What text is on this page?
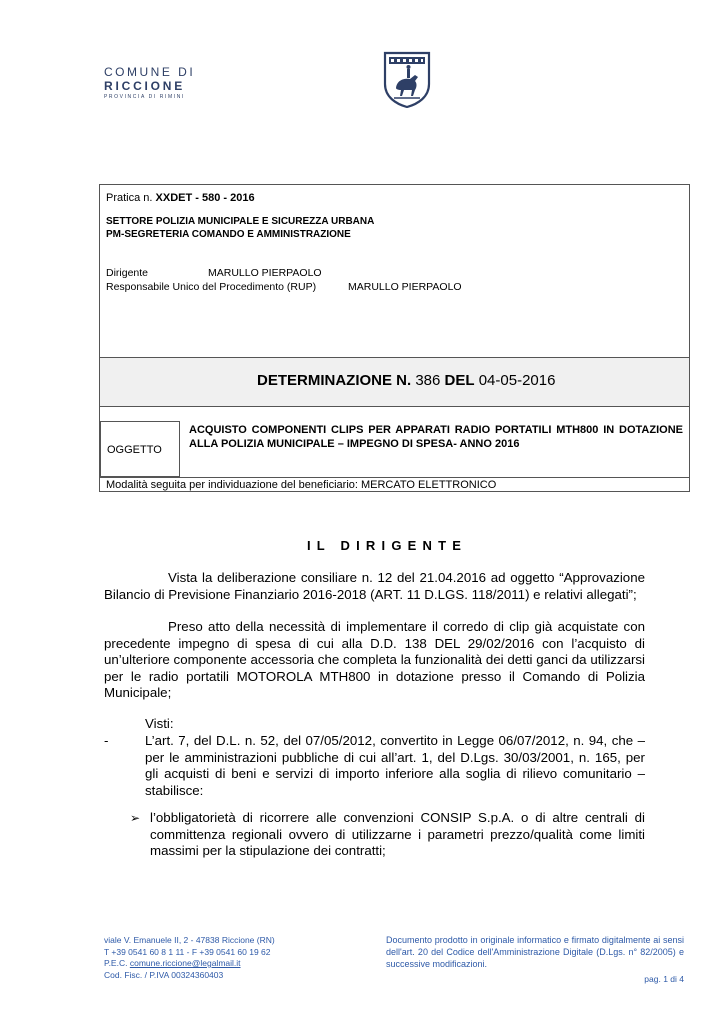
COMUNE DI
RICCIONE
PROVINCIA DI RIMINI
Pratica n. XXDET - 580 - 2016
SETTORE POLIZIA MUNICIPALE E SICUREZZA URBANA
PM-SEGRETERIA COMANDO E AMMINISTRAZIONE
Dirigente	MARULLO PIERPAOLO
Responsabile Unico del Procedimento (RUP)	MARULLO PIERPAOLO
DETERMINAZIONE N. 386 DEL 04-05-2016
OGGETTO
ACQUISTO COMPONENTI CLIPS PER APPARATI RADIO PORTATILI MTH800 IN DOTAZIONE ALLA POLIZIA MUNICIPALE – IMPEGNO DI SPESA- ANNO 2016
Modalità seguita per individuazione del beneficiario: MERCATO ELETTRONICO
IL DIRIGENTE
Vista la deliberazione consiliare n. 12 del 21.04.2016 ad oggetto “Approvazione Bilancio di Previsione Finanziario 2016-2018 (ART. 11 D.LGS. 118/2011) e relativi allegati”;
Preso atto della necessità di implementare il corredo di clip già acquistate con precedente impegno di spesa di cui alla D.D. 138 DEL 29/02/2016 con l’acquisto di un’ulteriore componente accessoria che completa la funzionalità dei detti ganci da utilizzarsi per le radio portatili MOTOROLA MTH800 in dotazione presso il Comando di Polizia Municipale;
Visti:
-	L’art. 7, del D.L. n. 52, del 07/05/2012, convertito in Legge 06/07/2012, n. 94, che – per le amministrazioni pubbliche di cui all’art. 1, del D.Lgs. 30/03/2001, n. 165, per gli acquisti di beni e servizi di importo inferiore alla soglia di rilievo comunitario – stabilisce:
➢ l’obbligatorietà di ricorrere alle convenzioni CONSIP S.p.A. o di altre centrali di committenza regionali ovvero di utilizzarne i parametri prezzo/qualità come limiti massimi per la stipulazione dei contratti;
viale V. Emanuele II, 2 - 47838 Riccione (RN)
T +39 0541 60 8 1 11 - F +39 0541 60 19 62
P.E.C. comune.riccione@legalmail.it
Cod. Fisc. / P.IVA 00324360403
Documento prodotto in originale informatico e firmato digitalmente ai sensi dell'art. 20 del Codice dell'Amministrazione Digitale (D.Lgs. n° 82/2005) e successive modificazioni.
pag. 1 di 4
